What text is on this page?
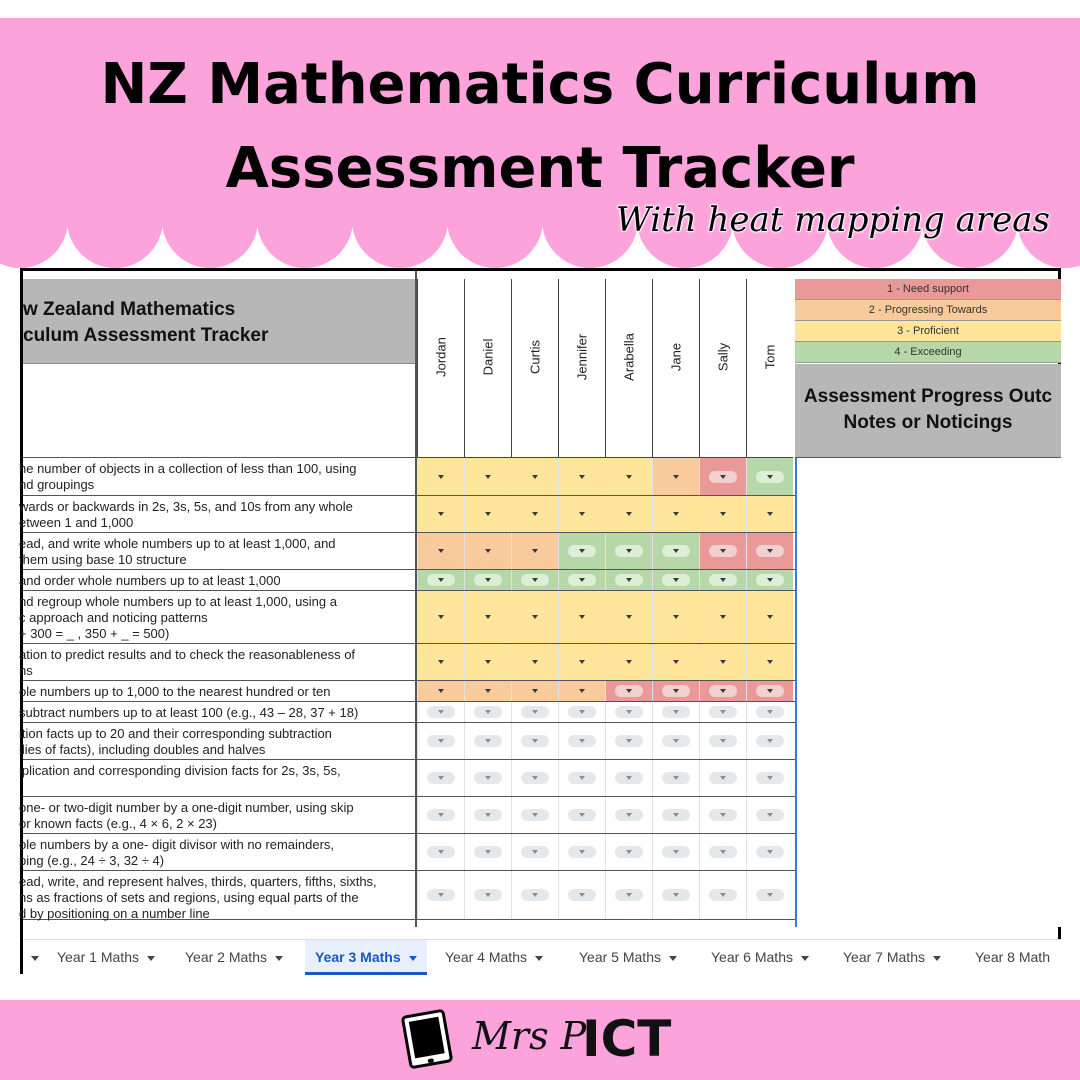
NZ Mathematics Curriculum
Assessment Tracker
With heat mapping areas
w Zealand Mathematics
culum Assessment Tracker
Assessment Progress Outc
Notes or Noticings
Jordan Daniel Curtis Jennifer Arabella Jane Sally Tom
1 - Need support
2 - Progressing Towards
3 - Proficient
4 - Exceeding
he number of objects in a collection of less than 100, using
nd groupings
wards or backwards in 2s, 3s, 5s, and 10s from any whole
etween 1 and 1,000
ead, and write whole numbers up to at least 1,000, and
them using base 10 structure
and order whole numbers up to at least 1,000
nd regroup whole numbers up to at least 1,000, using a
c approach and noticing patterns
+ 300 = _ , 350 + _ = 500)
ation to predict results and to check the reasonableness of
ns
ole numbers up to 1,000 to the nearest hundred or ten
subtract numbers up to at least 100 (e.g., 43 – 28, 37 + 18)
ition facts up to 20 and their corresponding subtraction
ilies of facts), including doubles and halves
iplication and corresponding division facts for 2s, 3s, 5s,
one- or two-digit number by a one-digit number, using skip
or known facts (e.g., 4 × 6, 2 × 23)
ole numbers by a one- digit divisor with no remainders,
ping (e.g., 24 ÷ 3, 32 ÷ 4)
ead, write, and represent halves, thirds, quarters, fifths, sixths,
ns as fractions of sets and regions, using equal parts of the
d by positioning on a number line
Year 1 Maths	Year 2 Maths	Year 3 Maths	Year 4 Maths	Year 5 Maths	Year 6 Maths	Year 7 Maths	Year 8 Math
Mrs P
ICT
